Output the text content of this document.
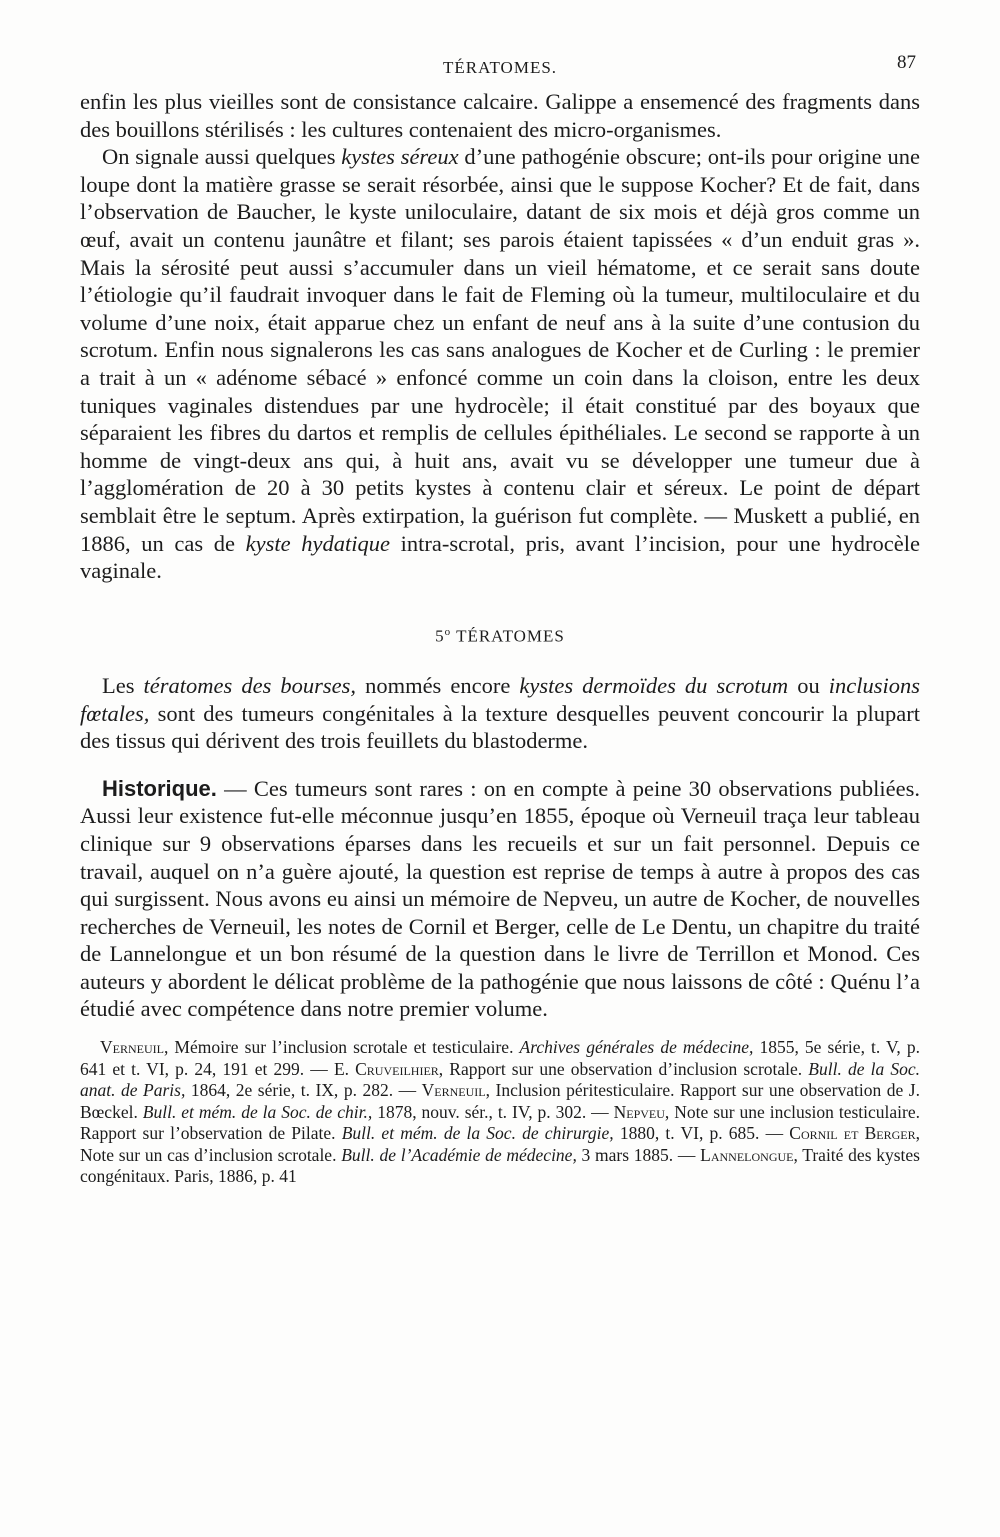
TÉRATOMES.	87

enfin les plus vieilles sont de consistance calcaire. Galippe a ensemencé des fragments dans des bouillons stérilisés : les cultures contenaient des micro-organismes.

On signale aussi quelques kystes séreux d’une pathogénie obscure; ont-ils pour origine une loupe dont la matière grasse se serait résorbée, ainsi que le suppose Kocher? Et de fait, dans l’observation de Baucher, le kyste uniloculaire, datant de six mois et déjà gros comme un œuf, avait un contenu jaunâtre et filant; ses parois étaient tapissées « d’un enduit gras ». Mais la sérosité peut aussi s’accumuler dans un vieil hématome, et ce serait sans doute l’étiologie qu’il faudrait invoquer dans le fait de Fleming où la tumeur, multiloculaire et du volume d’une noix, était apparue chez un enfant de neuf ans à la suite d’une contusion du scrotum. Enfin nous signalerons les cas sans analogues de Kocher et de Curling : le premier a trait à un « adénome sébacé » enfoncé comme un coin dans la cloison, entre les deux tuniques vaginales distendues par une hydrocèle; il était constitué par des boyaux que séparaient les fibres du dartos et remplis de cellules épithéliales. Le second se rapporte à un homme de vingt-deux ans qui, à huit ans, avait vu se développer une tumeur due à l’agglomération de 20 à 30 petits kystes à contenu clair et séreux. Le point de départ semblait être le septum. Après extirpation, la guérison fut complète. — Muskett a publié, en 1886, un cas de kyste hydatique intra-scrotal, pris, avant l’incision, pour une hydrocèle vaginale.

5$^o$ TÉRATOMES

Les tératomes des bourses, nommés encore kystes dermoïdes du scrotum ou inclusions fœtales, sont des tumeurs congénitales à la texture desquelles peuvent concourir la plupart des tissus qui dérivent des trois feuillets du blastoderme.

Historique. — Ces tumeurs sont rares : on en compte à peine 30 observations publiées. Aussi leur existence fut-elle méconnue jusqu’en 1855, époque où Verneuil traça leur tableau clinique sur 9 observations éparses dans les recueils et sur un fait personnel. Depuis ce travail, auquel on n’a guère ajouté, la question est reprise de temps à autre à propos des cas qui surgissent. Nous avons eu ainsi un mémoire de Nepveu, un autre de Kocher, de nouvelles recherches de Verneuil, les notes de Cornil et Berger, celle de Le Dentu, un chapitre du traité de Lannelongue et un bon résumé de la question dans le livre de Terrillon et Monod. Ces auteurs y abordent le délicat problème de la pathogénie que nous laissons de côté : Quénu l’a étudié avec compétence dans notre premier volume.

Verneuil, Mémoire sur l’inclusion scrotale et testiculaire. Archives générales de médecine, 1855, 5e série, t. V, p. 641 et t. VI, p. 24, 191 et 299. — E. Cruveilhier, Rapport sur une observation d’inclusion scrotale. Bull. de la Soc. anat. de Paris, 1864, 2e série, t. IX, p. 282. — Verneuil, Inclusion péritesticulaire. Rapport sur une observation de J. Bœckel. Bull. et mém. de la Soc. de chir., 1878, nouv. sér., t. IV, p. 302. — Nepveu, Note sur une inclusion testiculaire. Rapport sur l’observation de Pilate. Bull. et mém. de la Soc. de chirurgie, 1880, t. VI, p. 685. — Cornil et Berger, Note sur un cas d’inclusion scrotale. Bull. de l’Académie de médecine, 3 mars 1885. — Lannelongue, Traité des kystes congénitaux. Paris, 1886, p. 41
